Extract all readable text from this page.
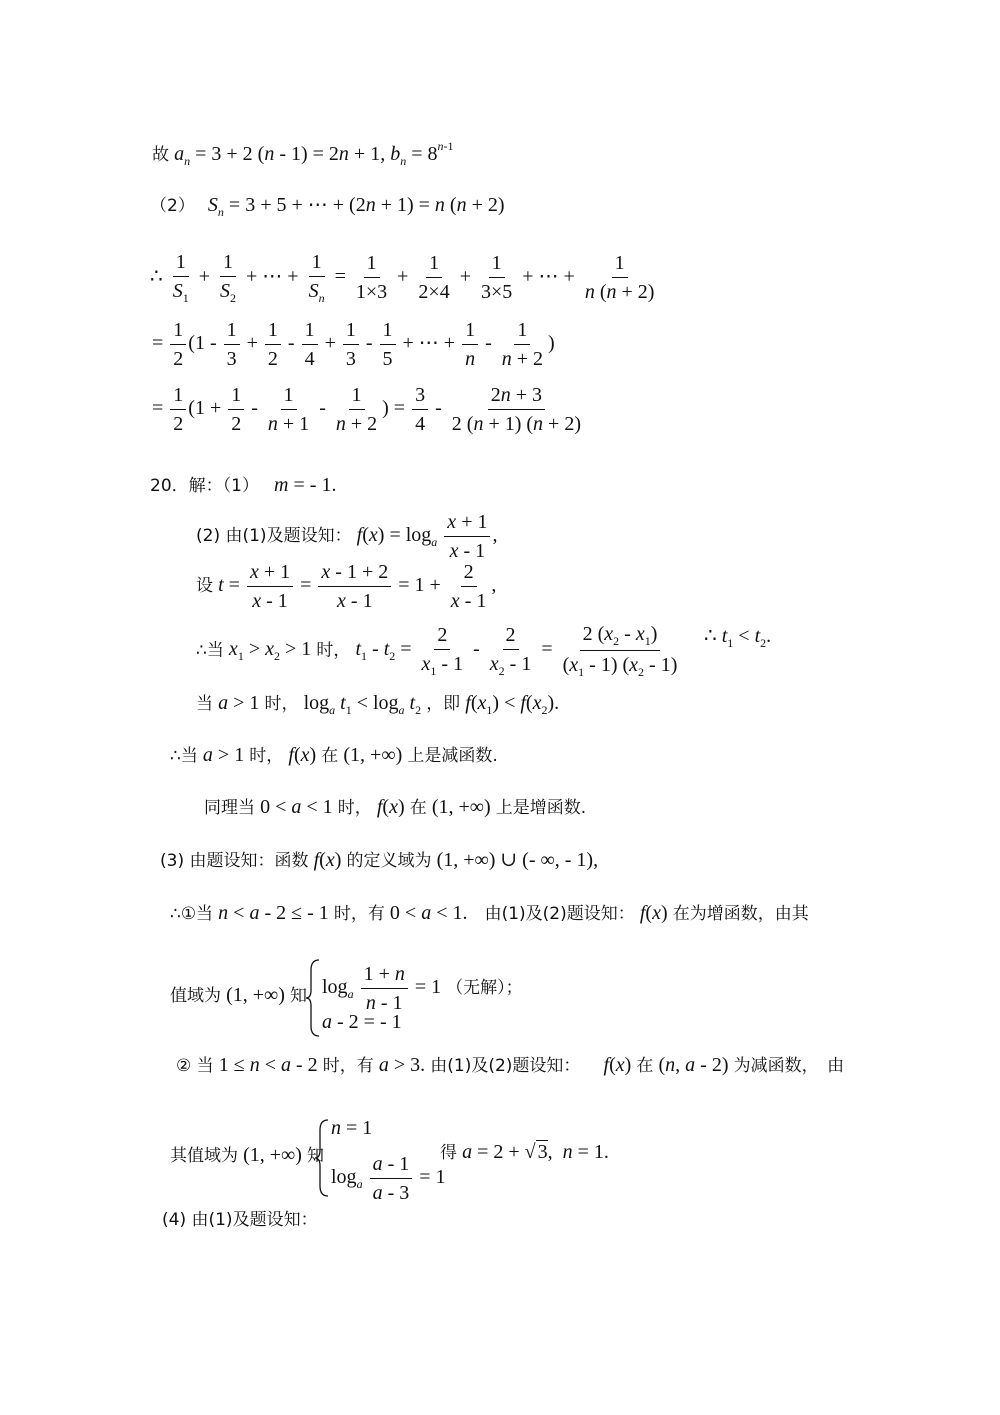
故 $a_n = 3 + 2$ (n - 1) = 2n + 1, $b_n = 8^{n-1}$
（2） $S_n = 3 + 5$ + ⋯ + (2n + 1) = n (n + 2)
∴ $\frac{1}{S_1} + \frac{1}{S_2}$ + ⋯ + $\frac{1}{S_n} = \frac{1}{1\times 3} + \frac{1}{2\times 4} + \frac{1}{3\times 5}$ + ⋯ + $\frac{1}{n (n + 2)}$
= $\frac{1}{2} (1 - \frac{1}{3} + \frac{1}{2} - \frac{1}{4} + \frac{1}{3} - \frac{1}{5}$ + ⋯ + $\frac{1}{n} - \frac{1}{n + 2}$ )
= $\frac{1}{2} (1 + \frac{1}{2} - \frac{1}{n + 1} - \frac{1}{n + 2}$ ) = $\frac{3}{4} - \frac{2n + 3}{2 (n + 1) (n + 2)}$
20．解：（1） m = - 1.
(2) 由(1)及题设知： $f(x) = \log_a \frac{x + 1}{x - 1}$ ,
设 $t = \frac{x + 1}{x - 1} = \frac{x - 1 + 2}{x - 1} = 1 + \frac{2}{x - 1}$ ,
∴当 $x_1 > x_2 > 1$ 时， $t_1 - t_2 = \frac{2}{x_1 - 1} - \frac{2}{x_2 - 1} = \frac{2 (x_2 - x_1)}{(x_1 - 1) (x_2 - 1)}$ ∴ $t_1 < t_2$.
当 a > 1 时， $\log_a t_1 < \log_a t_2$ ，即 $f(x_1) < f(x_2)$.
∴当 a > 1 时， f(x) 在 (1, +∞) 上是减函数.
同理当 0 < a < 1 时， f(x) 在 (1, +∞) 上是增函数.
(3) 由题设知：函数 f(x) 的定义域为 (1, +∞) ∪ (- ∞, - 1),
∴①当 n < a - 2 ≤ - 1 时，有 0 < a < 1. 由(1)及(2)题设知： f(x) 在为增函数，由其
值域为 (1, +∞) 知 $\log_a \frac{1 + n}{n - 1} = 1$ （无解）；
a - 2 = - 1
② 当 1 ≤ n < a - 2 时，有 a > 3. 由(1)及(2)题设知： f(x) 在 (n, a - 2) 为减函数，　由
其值域为 (1, +∞) 知
n = 1
$\log_a \frac{a - 1}{a - 3} = 1$
得 a = 2 + √ 3,  n = 1.
(4) 由(1)及题设知：
